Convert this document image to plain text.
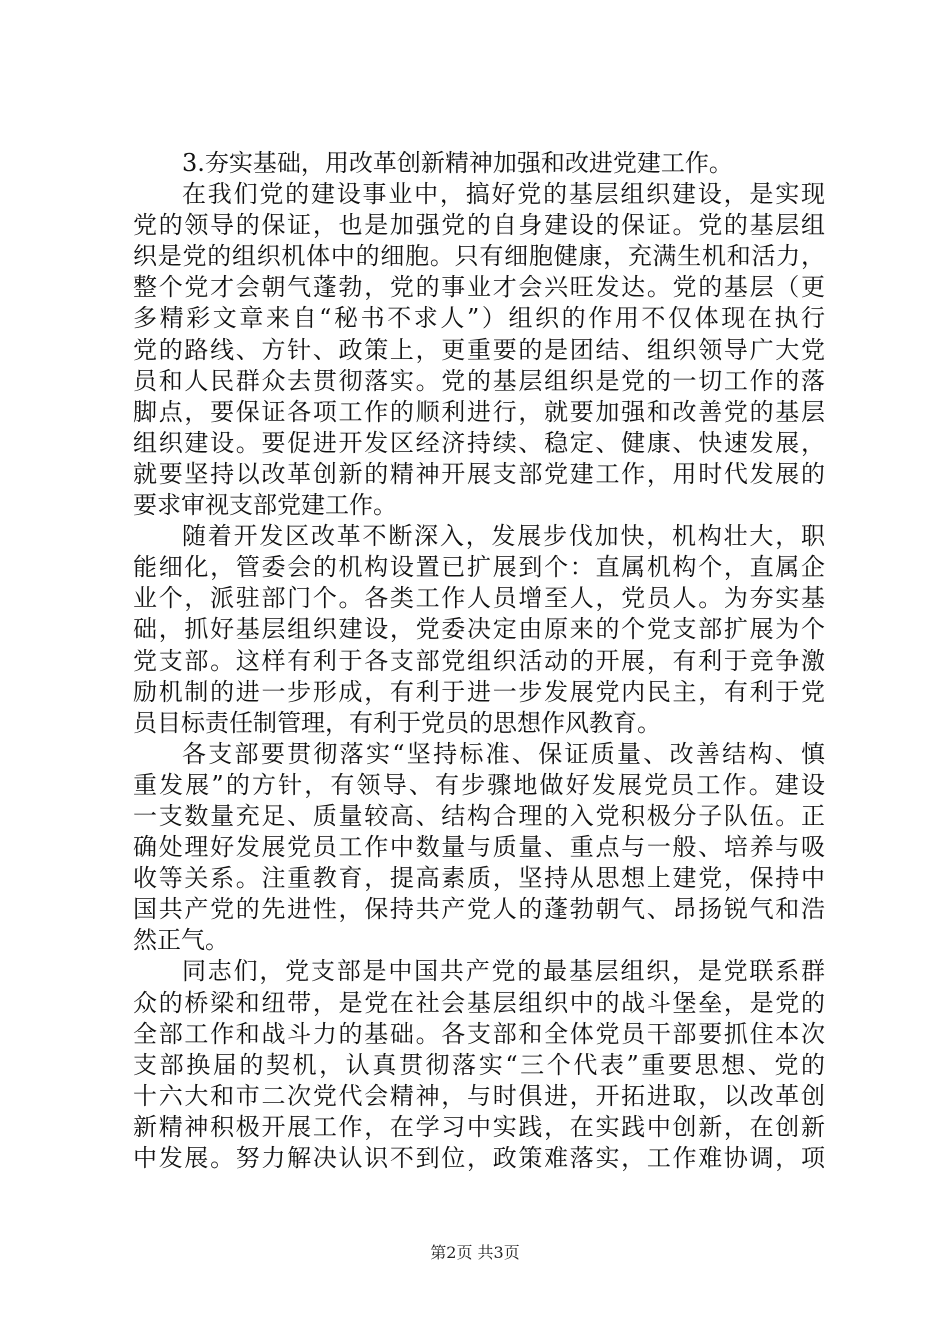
3.夯实基础，用改革创新精神加强和改进党建工作。
在我们党的建设事业中，搞好党的基层组织建设，是实现
党的领导的保证，也是加强党的自身建设的保证。党的基层组
织是党的组织机体中的细胞。只有细胞健康，充满生机和活力，
整个党才会朝气蓬勃，党的事业才会兴旺发达。党的基层（更
多精彩文章来自“秘书不求人”）组织的作用不仅体现在执行
党的路线、方针、政策上，更重要的是团结、组织领导广大党
员和人民群众去贯彻落实。党的基层组织是党的一切工作的落
脚点，要保证各项工作的顺利进行，就要加强和改善党的基层
组织建设。要促进开发区经济持续、稳定、健康、快速发展，
就要坚持以改革创新的精神开展支部党建工作，用时代发展的
要求审视支部党建工作。
随着开发区改革不断深入，发展步伐加快，机构壮大，职
能细化，管委会的机构设置已扩展到个：直属机构个，直属企
业个，派驻部门个。各类工作人员增至人，党员人。为夯实基
础，抓好基层组织建设，党委决定由原来的个党支部扩展为个
党支部。这样有利于各支部党组织活动的开展，有利于竞争激
励机制的进一步形成，有利于进一步发展党内民主，有利于党
员目标责任制管理，有利于党员的思想作风教育。
各支部要贯彻落实“坚持标准、保证质量、改善结构、慎
重发展”的方针，有领导、有步骤地做好发展党员工作。建设
一支数量充足、质量较高、结构合理的入党积极分子队伍。正
确处理好发展党员工作中数量与质量、重点与一般、培养与吸
收等关系。注重教育，提高素质，坚持从思想上建党，保持中
国共产党的先进性，保持共产党人的蓬勃朝气、昂扬锐气和浩
然正气。
同志们，党支部是中国共产党的最基层组织，是党联系群
众的桥梁和纽带，是党在社会基层组织中的战斗堡垒，是党的
全部工作和战斗力的基础。各支部和全体党员干部要抓住本次
支部换届的契机，认真贯彻落实“三个代表”重要思想、党的
十六大和市二次党代会精神，与时俱进，开拓进取，以改革创
新精神积极开展工作，在学习中实践，在实践中创新，在创新
中发展。努力解决认识不到位，政策难落实，工作难协调，项
第2页 共3页
